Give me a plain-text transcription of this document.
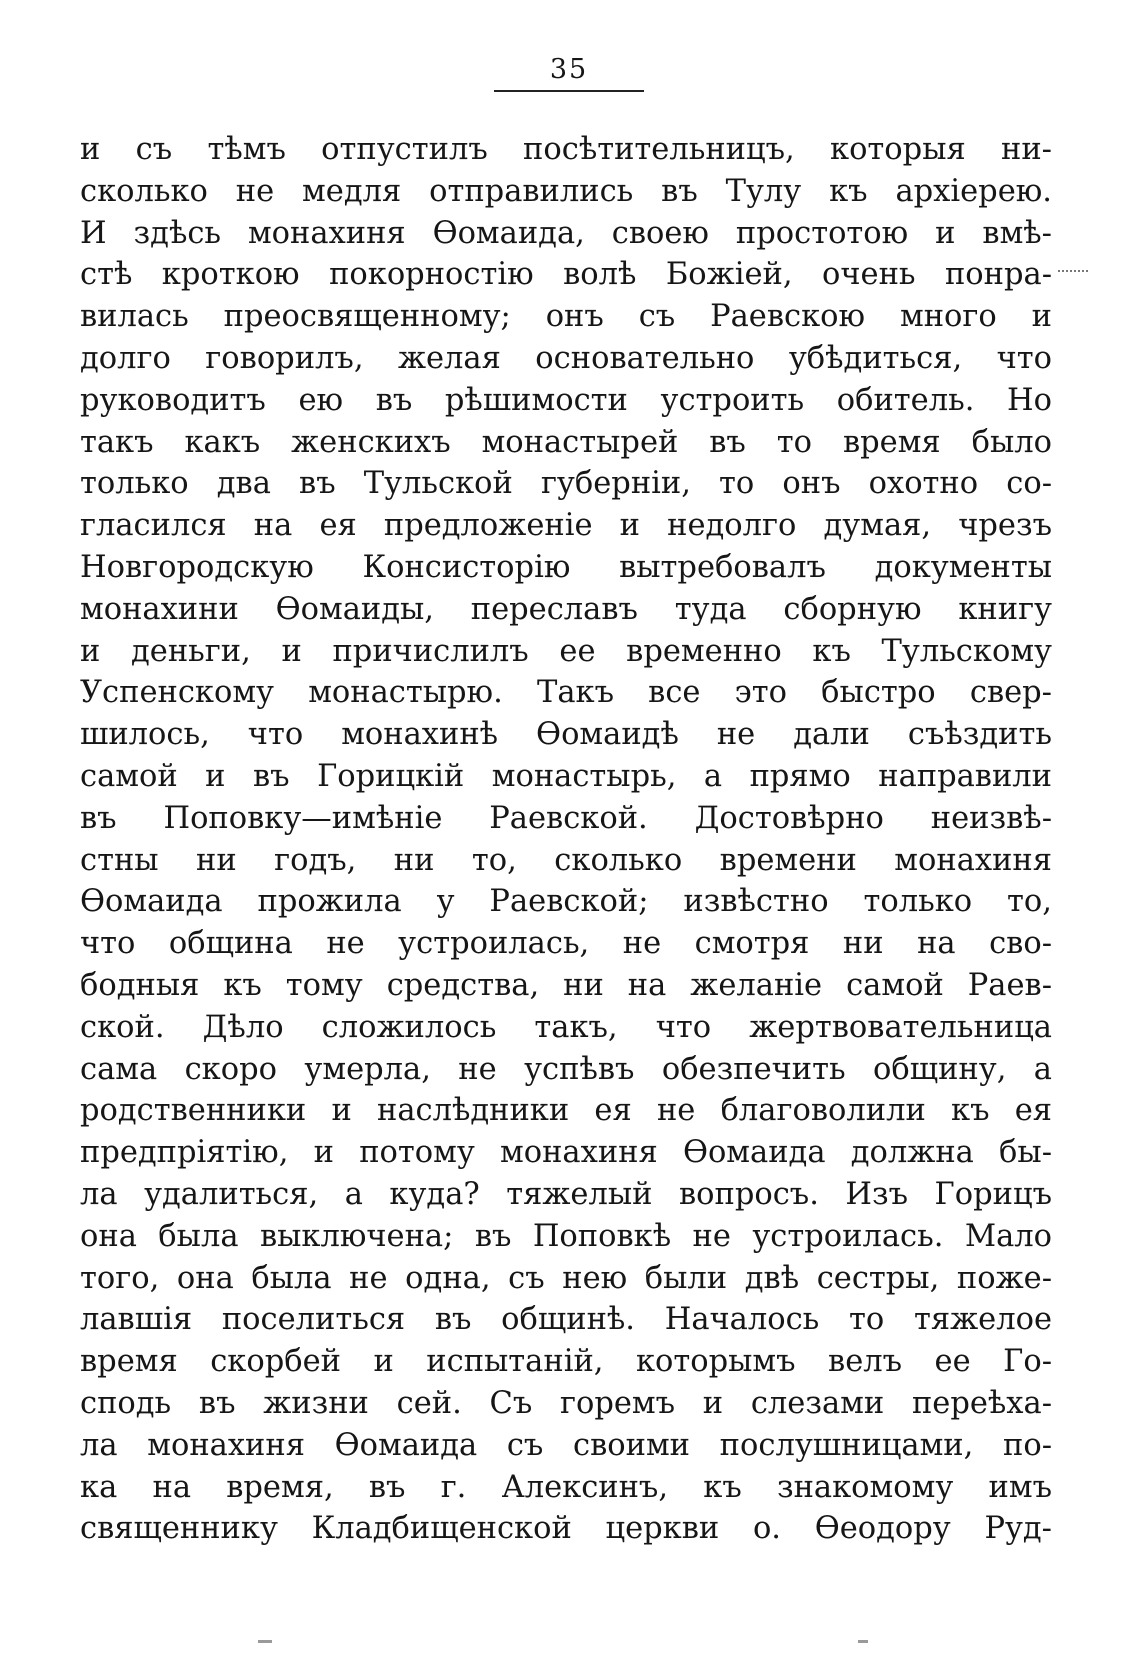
35
и съ тѣмъ отпустилъ посѣтительницъ, которыя ни-
сколько не медля отправились въ Тулу къ архіерею.
И здѣсь монахиня Ѳомаида, своею простотою и вмѣ-
стѣ кроткою покорностію волѣ Божіей, очень понра-
вилась преосвященному; онъ съ Раевскою много и
долго говорилъ, желая основательно убѣдиться, что
руководитъ ею въ рѣшимости устроить обитель. Но
такъ какъ женскихъ монастырей въ то время было
только два въ Тульской губерніи, то онъ охотно со-
гласился на ея предложеніе и недолго думая, чрезъ
Новгородскую Консисторію вытребовалъ документы
монахини Ѳомаиды, переславъ туда сборную книгу
и деньги, и причислилъ ее временно къ Тульскому
Успенскому монастырю. Такъ все это быстро свер-
шилось, что монахинѣ Ѳомаидѣ не дали съѣздить
самой и въ Горицкій монастырь, а прямо направили
въ Поповку—имѣніе Раевской. Достовѣрно неизвѣ-
стны ни годъ, ни то, сколько времени монахиня
Ѳомаида прожила у Раевской; извѣстно только то,
что община не устроилась, не смотря ни на сво-
бодныя къ тому средства, ни на желаніе самой Раев-
ской. Дѣло сложилось такъ, что жертвовательница
сама скоро умерла, не успѣвъ обезпечить общину, а
родственники и наслѣдники ея не благоволили къ ея
предпріятію, и потому монахиня Ѳомаида должна бы-
ла удалиться, а куда? тяжелый вопросъ. Изъ Горицъ
она была выключена; въ Поповкѣ не устроилась. Мало
того, она была не одна, съ нею были двѣ сестры, поже-
лавшія поселиться въ общинѣ. Началось то тяжелое
время скорбей и испытаній, которымъ велъ ее Го-
сподь въ жизни сей. Съ горемъ и слезами переѣха-
ла монахиня Ѳомаида съ своими послушницами, по-
ка на время, въ г. Алексинъ, къ знакомому имъ
священнику Кладбищенской церкви о. Ѳеодору Руд-
